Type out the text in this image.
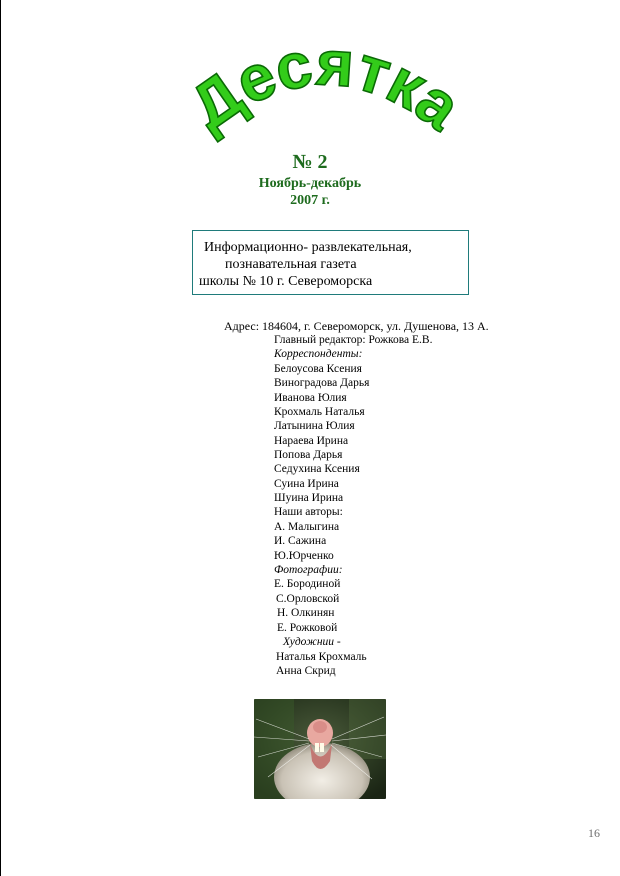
Десятка
№ 2
Ноябрь-декабрь
2007 г.
Информационно- развлекательная,
познавательная газета
школы № 10 г. Североморска
Адрес: 184604, г. Североморск, ул. Душенова, 13 А.
Главный редактор: Рожкова Е.В.
Корреспонденты:
Белоусова Ксения
Виноградова Дарья
Иванова Юлия
Крохмаль Наталья
Латынина Юлия
Нараева Ирина
Попова Дарья
Седухина Ксения
Суина Ирина
Шуина Ирина
Наши авторы:
А. Малыгина
И. Сажина
Ю.Юрченко
Фотографии:
Е. Бородиной
С.Орловской
Н. Олкинян
Е. Рожковой
Художнии -
Наталья Крохмаль
Анна Скрид
16
